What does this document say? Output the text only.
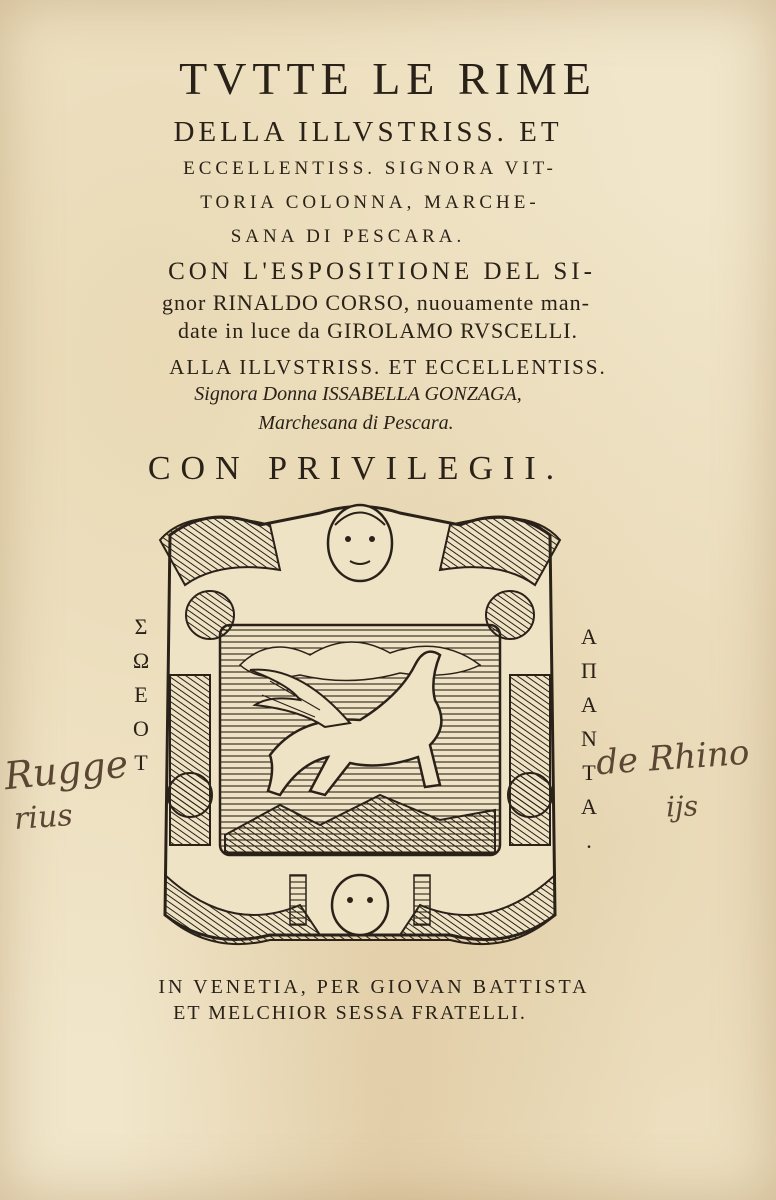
TVTTE LE RIME
DELLA ILLVSTRISS. ET
ECCELLENTISS. SIGNORA VIT-
TORIA COLONNA, MARCHE-
SANA DI PESCARA.
CON L'ESPOSITIONE DEL SI-
gnor RINALDO CORSO, nuouamente man-
date in luce da GIROLAMO RVSCELLI.
ALLA ILLVSTRISS. ET ECCELLENTISS.
Signora Donna ISSABELLA GONZAGA,
Marchesana di Pescara.
CON PRIVILEGII.
Σ
Ω
Ε
Ο
Τ
Α
Π
Α
Ν
Τ
Α
.
Rugge
rius
de Rhino
ijs
IN VENETIA, PER GIOVAN BATTISTA
ET MELCHIOR SESSA FRATELLI.
